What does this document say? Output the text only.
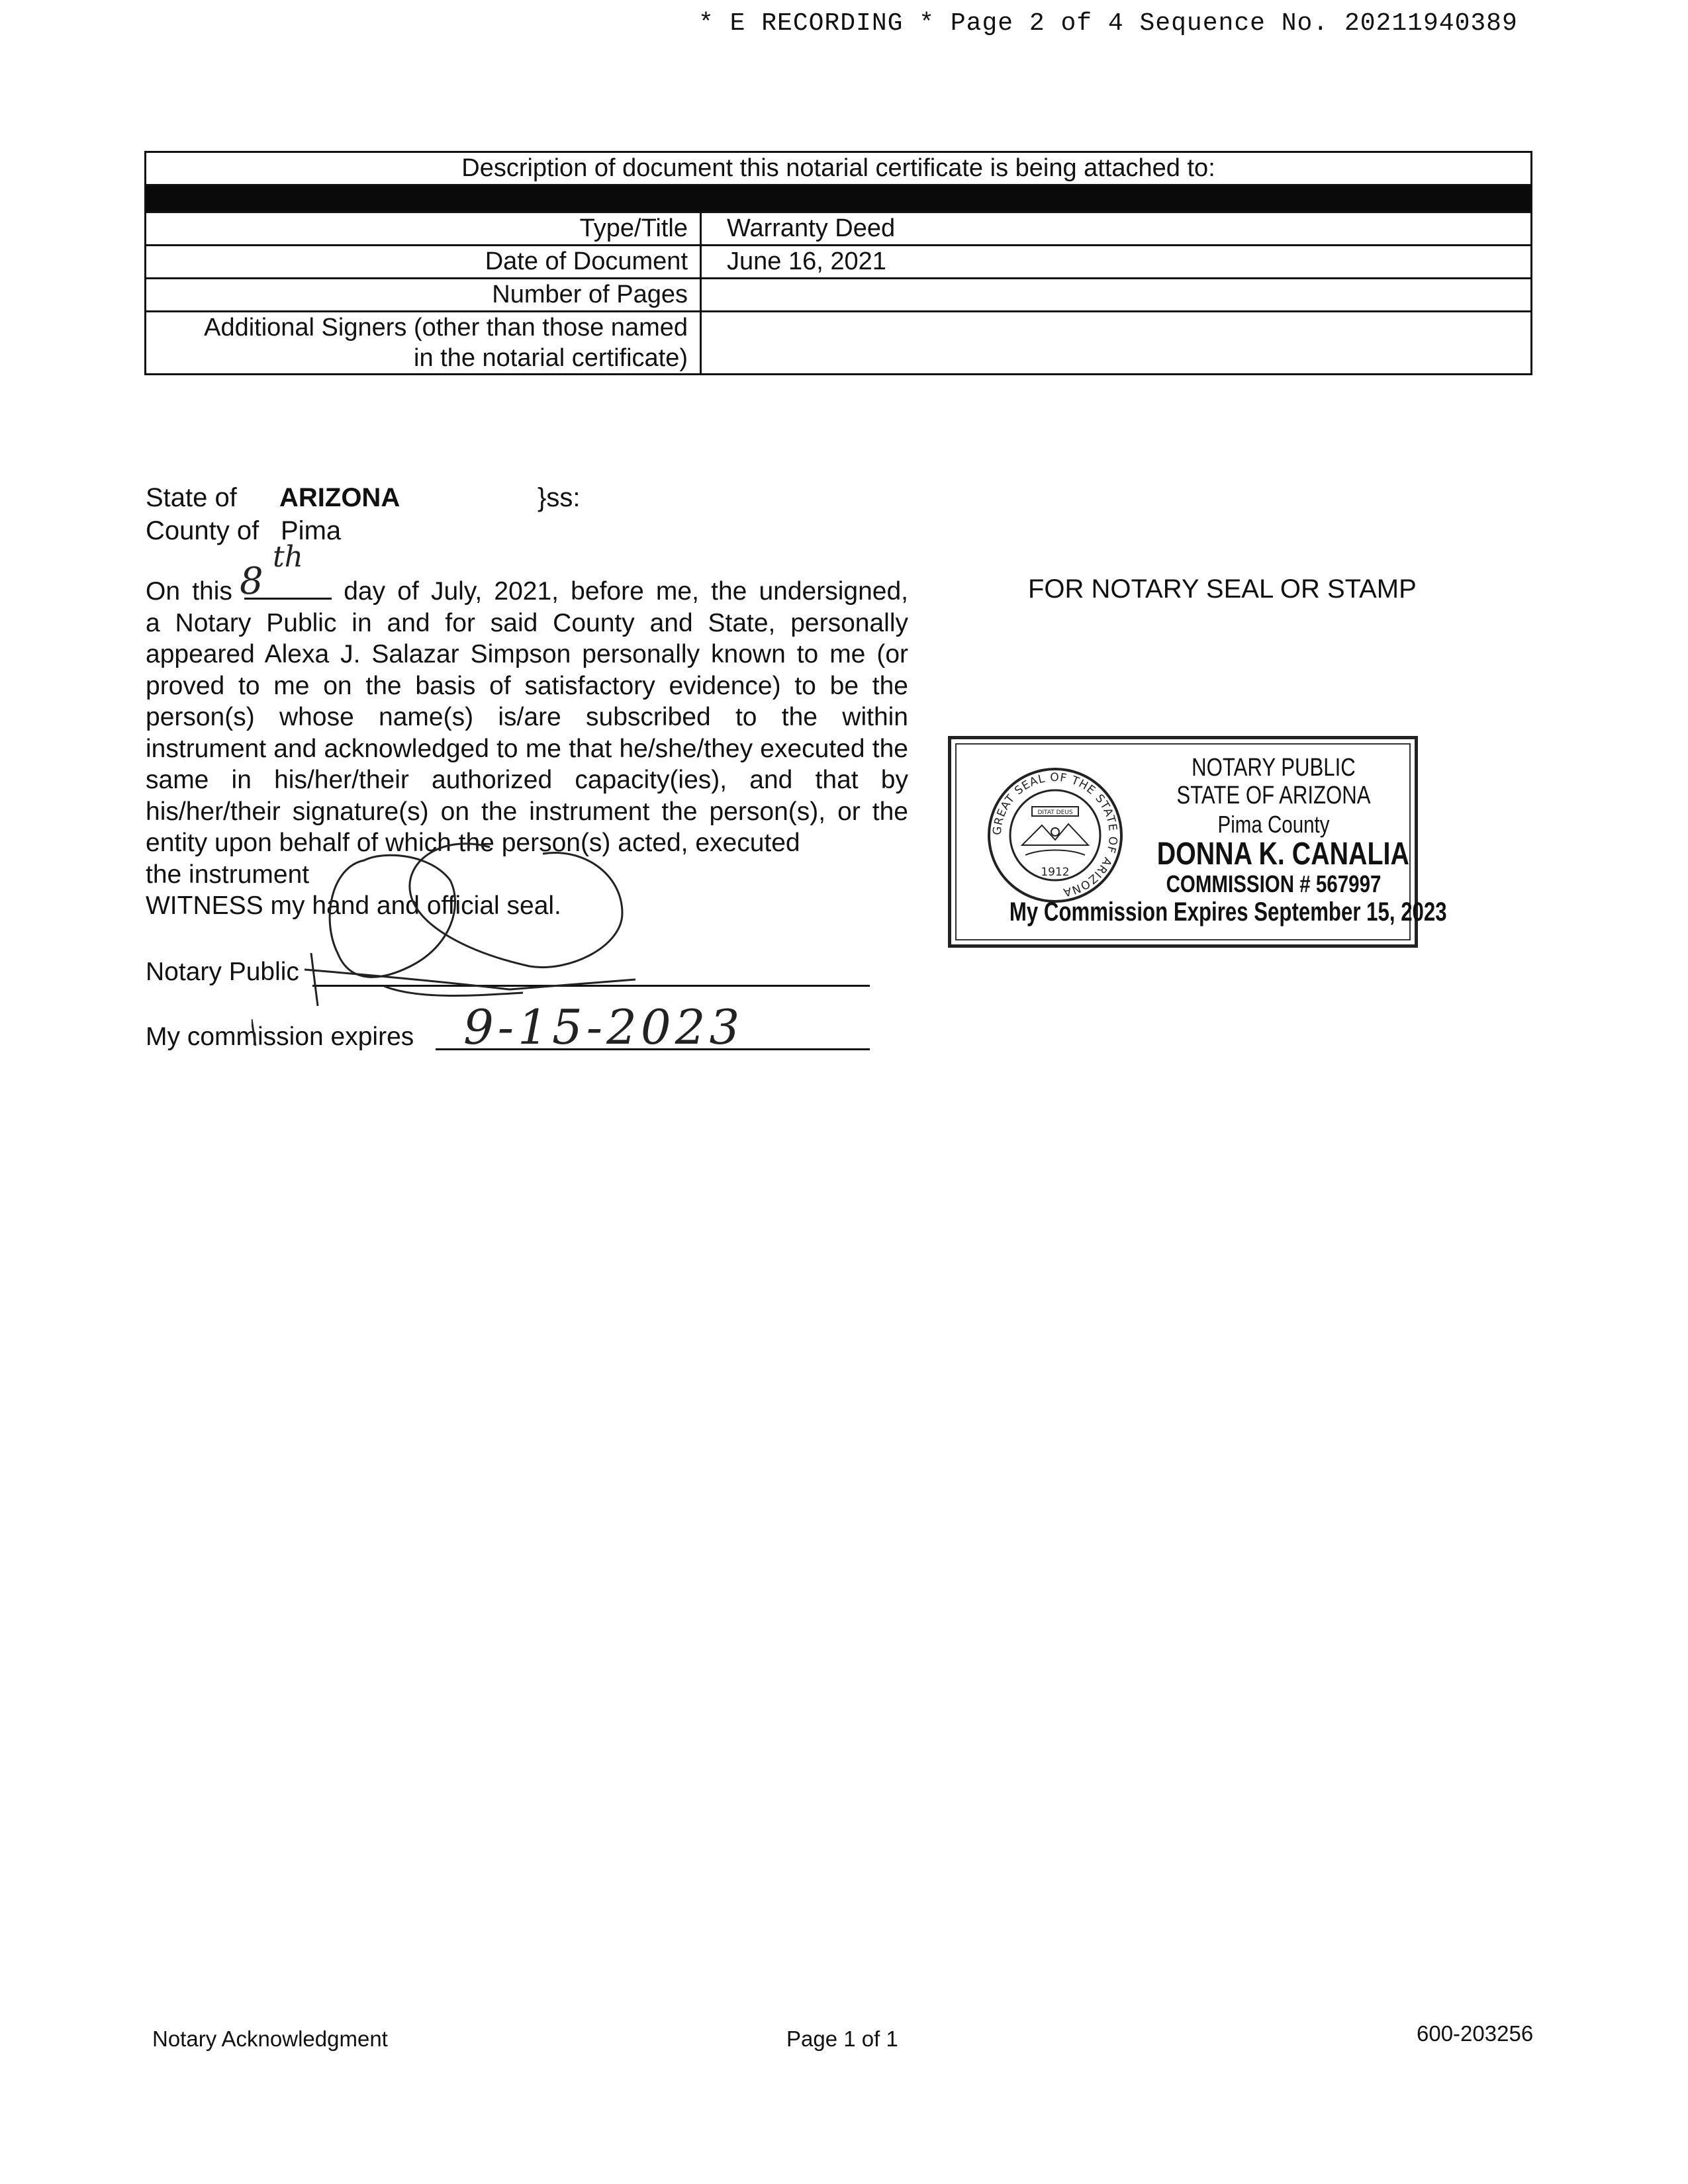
* E RECORDING * Page 2 of 4 Sequence No. 20211940389
Description of document this notarial certificate is being attached to:	

Type/Title	Warranty Deed
Date of Document	June 16, 2021
Number of Pages	
Additional Signers (other than those named
in the notarial certificate)	
State of ARIZONA	}ss:
County of Pima
8
th

On this	day of July, 2021, before me, the undersigned,

a Notary Public in and for said County and State, personally appeared Alexa J. Salazar Simpson personally known to me (or proved to me on the basis of satisfactory evidence) to be the person(s) whose name(s) is/are subscribed to the within instrument and acknowledged to me that he/she/they executed the same in his/her/their authorized capacity(ies), and that by his/her/their signature(s) on the instrument the person(s), or the entity upon behalf of which the person(s) acted, executed

the instrument

WITNESS my hand and official seal.

Notary Public
My commission expires 9-15-2023
FOR NOTARY SEAL OR STAMP
GREAT SEAL OF THE STATE OF ARIZONA
DITAT DEUS
1912
NOTARY PUBLIC
STATE OF ARIZONA
Pima County
DONNA K. CANALIA
COMMISSION # 567997
My Commission Expires September 15, 2023
Notary Acknowledgment	Page 1 of 1	600-203256
